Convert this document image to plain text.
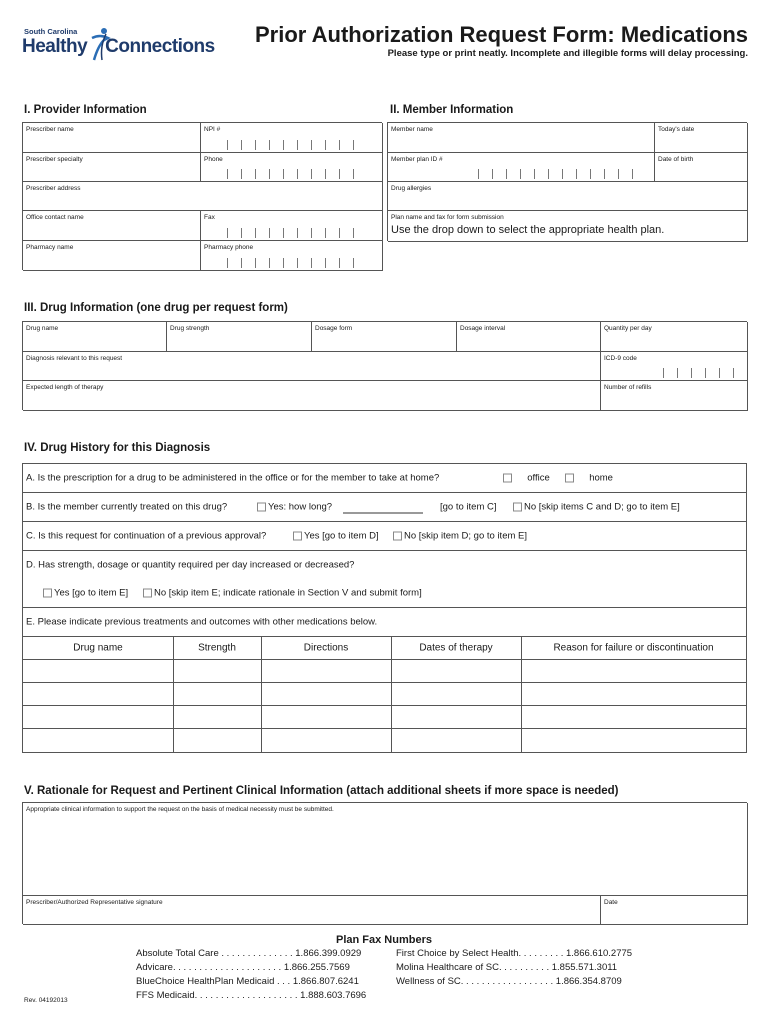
South Carolina
Healthy Connections Prior Authorization Request Form: Medications
Please type or print neatly. Incomplete and illegible forms will delay processing.
I. Provider Information
Prescriber name	NPI #
Prescriber specialty	Phone
Prescriber address
Office contact name	Fax
Pharmacy name	Pharmacy phone
II. Member Information
Member name	Today's date
Member plan ID #	Date of birth
Drug allergies
Plan name and fax for form submission
Use the drop down to select the appropriate health plan.
III. Drug Information (one drug per request form)
Drug name	Drug strength	Dosage form	Dosage interval	Quantity per day
Diagnosis relevant to this request	ICD-9 code
Expected length of therapy	Number of refills
IV. Drug History for this Diagnosis
A. Is the prescription for a drug to be administered in the office or for the member to take at home?	office	home
B. Is the member currently treated on this drug?	Yes: how long?	[go to item C]	No [skip items C and D; go to item E]
C. Is this request for continuation of a previous approval?	Yes [go to item D]	No [skip item D; go to item E]
D. Has strength, dosage or quantity required per day increased or decreased?
Yes [go to item E]	No [skip item E; indicate rationale in Section V and submit form]
E. Please indicate previous treatments and outcomes with other medications below.
Drug name	Strength	Directions	Dates of therapy	Reason for failure or discontinuation
V. Rationale for Request and Pertinent Clinical Information (attach additional sheets if more space is needed)
Appropriate clinical information to support the request on the basis of medical necessity must be submitted.
Prescriber/Authorized Representative signature	Date
Plan Fax Numbers
Absolute Total Care . . . . . . . . . . . . . . 1.866.399.0929
Advicare. . . . . . . . . . . . . . . . . . . . . 1.866.255.7569
BlueChoice HealthPlan Medicaid . . . 1.866.807.6241
FFS Medicaid. . . . . . . . . . . . . . . . . . . . 1.888.603.7696
First Choice by Select Health. . . . . . . . . 1.866.610.2775
Molina Healthcare of SC. . . . . . . . . . 1.855.571.3011
Wellness of SC. . . . . . . . . . . . . . . . . . 1.866.354.8709
Rev. 04192013
